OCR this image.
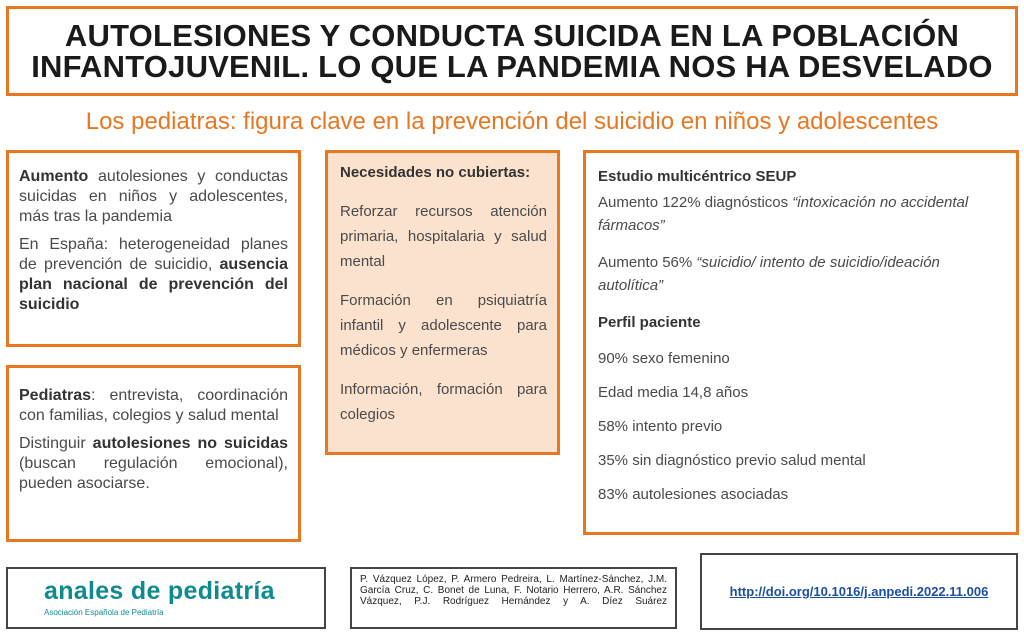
AUTOLESIONES Y CONDUCTA SUICIDA EN LA POBLACIÓN
INFANTOJUVENIL. LO QUE LA PANDEMIA NOS HA DESVELADO
Los pediatras: figura clave en la prevención del suicidio en niños y adolescentes

Aumento autolesiones y conductas suicidas en niños y adolescentes, más tras la pandemia

En España: heterogeneidad planes de prevención de suicidio, ausencia plan nacional de prevención del suicidio

Pediatras: entrevista, coordinación con familias, colegios y salud mental

Distinguir autolesiones no suicidas (buscan regulación emocional), pueden asociarse.

Necesidades no cubiertas:

Reforzar recursos atención primaria, hospitalaria y salud mental

Formación en psiquiatría infantil y adolescente para médicos y enfermeras

Información, formación para colegios

Estudio multicéntrico SEUP

Aumento 122% diagnósticos “intoxicación no accidental fármacos”

Aumento 56% “suicidio/ intento de suicidio/ideación autolítica”

Perfil paciente

90% sexo femenino
Edad media 14,8 años
58% intento previo
35% sin diagnóstico previo salud mental
83% autolesiones asociadas
anales de pediatría
Asociación Española de Pediatría
P. Vázquez López, P. Armero Pedreira, L. Martínez-Sánchez, J.M. García Cruz, C. Bonet de Luna, F. Notario Herrero, A.R. Sánchez Vázquez, P.J. Rodríguez Hernández y A. Díez Suárez
http://doi.org/10.1016/j.anpedi.2022.11.006
